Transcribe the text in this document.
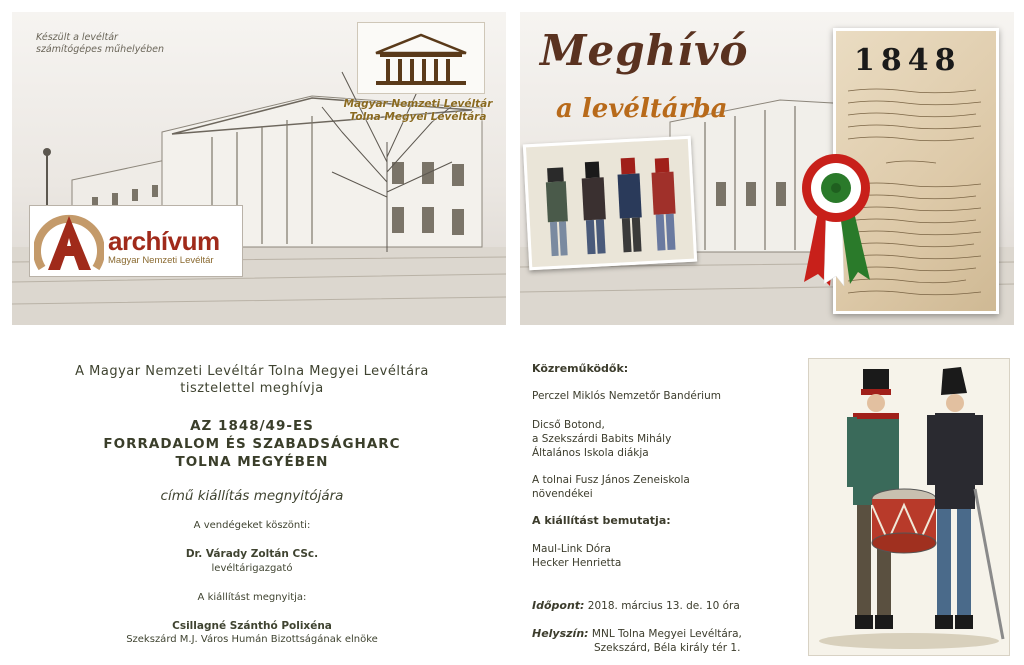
Készült a levéltár
számítógépes műhelyében
Magyar Nemzeti Levéltár
Tolna Megyei Levéltára
archívum
Magyar Nemzeti Levéltár
Meghívó
a levéltárba
1848
A Magyar Nemzeti Levéltár Tolna Megyei Levéltára
tisztelettel meghívja
AZ 1848/49-ES
FORRADALOM ÉS SZABADSÁGHARC
TOLNA MEGYÉBEN
című kiállítás megnyitójára
A vendégeket köszönti:
Dr. Várady Zoltán CSc.
levéltárigazgató
A kiállítást megnyitja:
Csillagné Szánthó Polixéna
Szekszárd M.J. Város Humán Bizottságának elnöke
Közreműködők:
Perczel Miklós Nemzetőr Bandérium
Dicső Botond,
a Szekszárdi Babits Mihály
Általános Iskola diákja
A tolnai Fusz János Zeneiskola
növendékei
A kiállítást bemutatja:
Maul-Link Dóra
Hecker Henrietta
Időpont: 2018. március 13. de. 10 óra
Helyszín: MNL Tolna Megyei Levéltára,
Szekszárd, Béla király tér 1.
